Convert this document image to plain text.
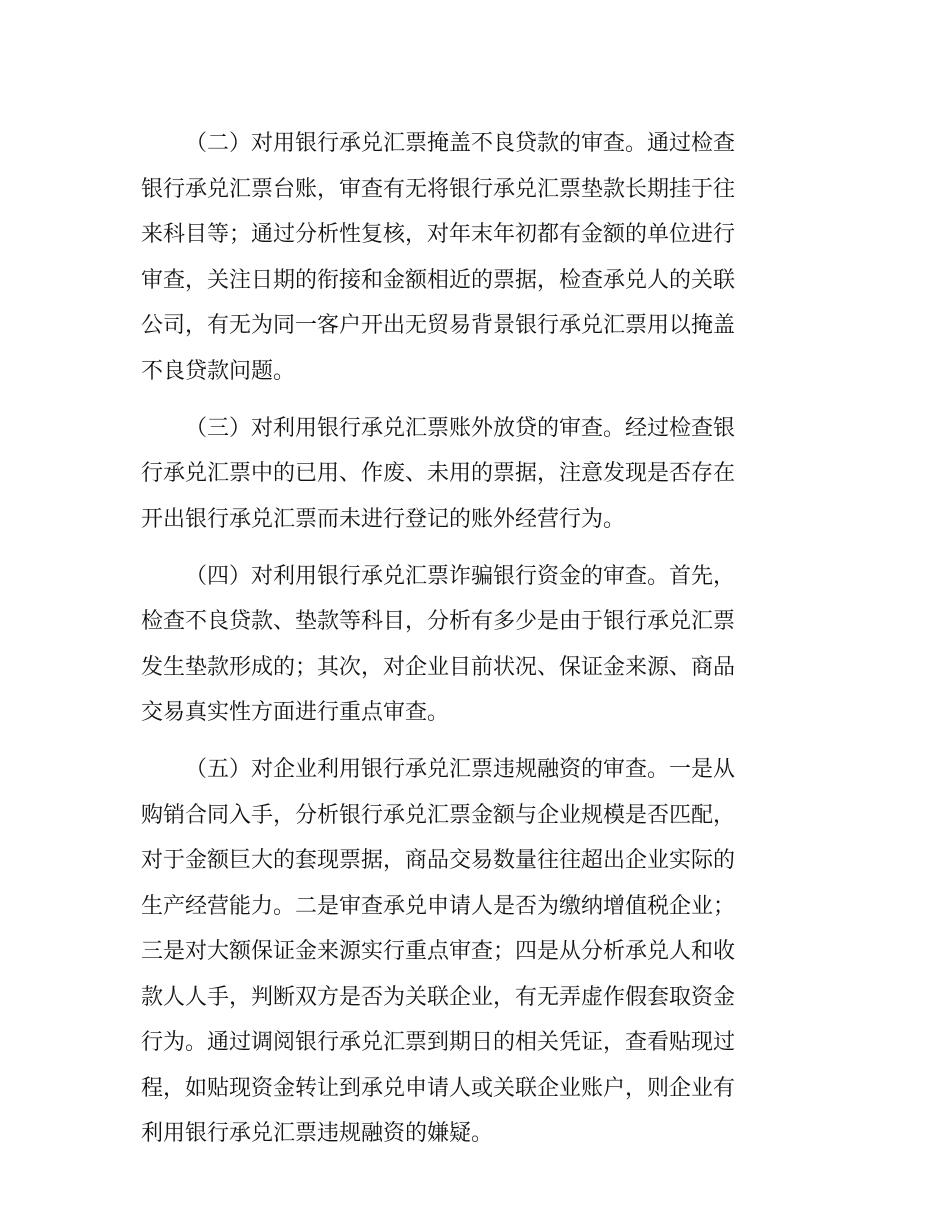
（二）对用银行承兑汇票掩盖不良贷款的审查。通过检查
银行承兑汇票台账，审查有无将银行承兑汇票垫款长期挂于往
来科目等；通过分析性复核，对年末年初都有金额的单位进行
审查，关注日期的衔接和金额相近的票据，检查承兑人的关联
公司，有无为同一客户开出无贸易背景银行承兑汇票用以掩盖
不良贷款问题。
（三）对利用银行承兑汇票账外放贷的审查。经过检查银
行承兑汇票中的已用、作废、未用的票据，注意发现是否存在
开出银行承兑汇票而未进行登记的账外经营行为。
（四）对利用银行承兑汇票诈骗银行资金的审查。首先，
检查不良贷款、垫款等科目，分析有多少是由于银行承兑汇票
发生垫款形成的；其次，对企业目前状况、保证金来源、商品
交易真实性方面进行重点审查。
（五）对企业利用银行承兑汇票违规融资的审查。一是从
购销合同入手，分析银行承兑汇票金额与企业规模是否匹配，
对于金额巨大的套现票据，商品交易数量往往超出企业实际的
生产经营能力。二是审查承兑申请人是否为缴纳增值税企业；
三是对大额保证金来源实行重点审查；四是从分析承兑人和收
款人人手，判断双方是否为关联企业，有无弄虚作假套取资金
行为。通过调阅银行承兑汇票到期日的相关凭证，查看贴现过
程，如贴现资金转让到承兑申请人或关联企业账户，则企业有
利用银行承兑汇票违规融资的嫌疑。
